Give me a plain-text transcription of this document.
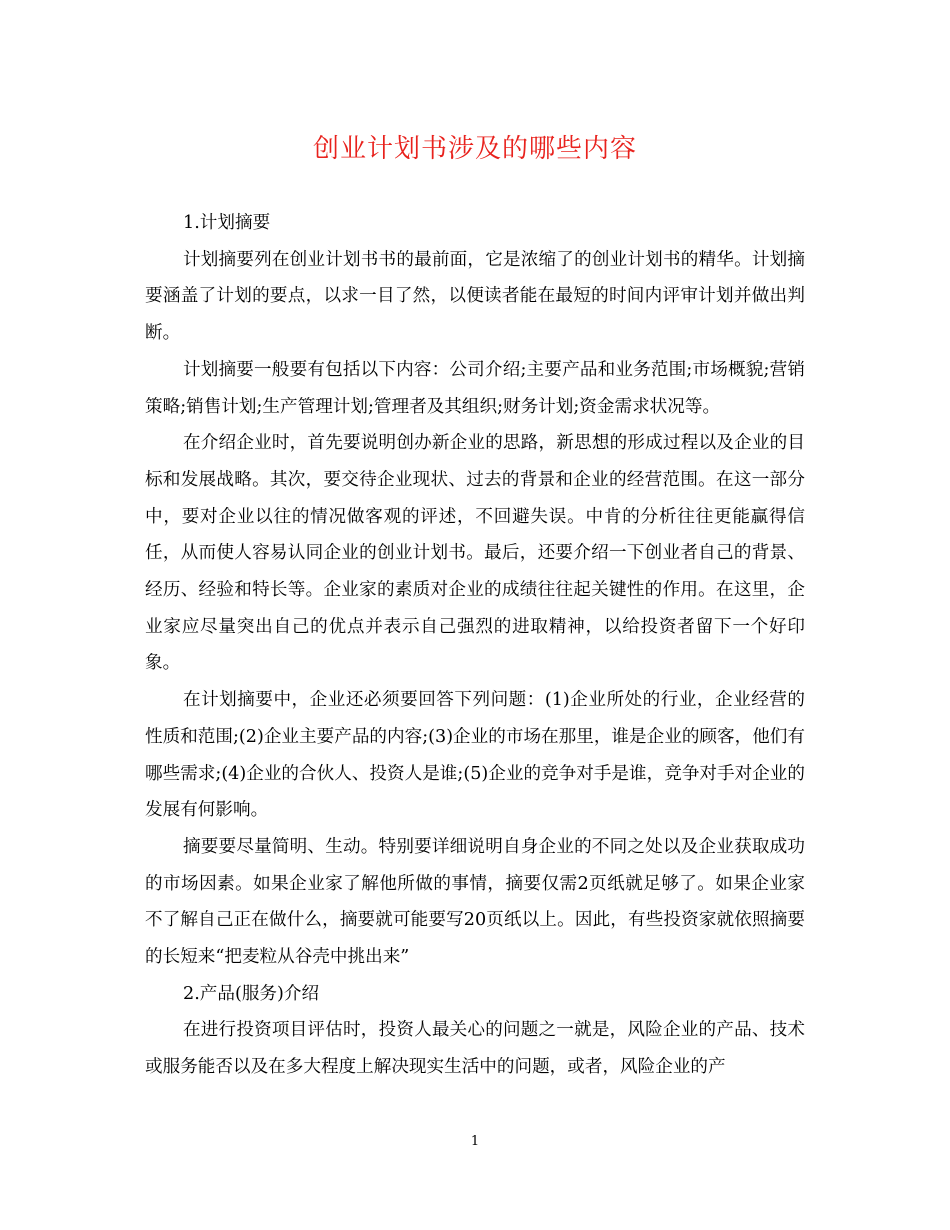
创业计划书涉及的哪些内容

1.计划摘要

计划摘要列在创业计划书书的最前面，它是浓缩了的创业计划书的精华。计划摘要涵盖了计划的要点，以求一目了然，以便读者能在最短的时间内评审计划并做出判断。

计划摘要一般要有包括以下内容：公司介绍;主要产品和业务范围;市场概貌;营销策略;销售计划;生产管理计划;管理者及其组织;财务计划;资金需求状况等。

在介绍企业时，首先要说明创办新企业的思路，新思想的形成过程以及企业的目标和发展战略。其次，要交待企业现状、过去的背景和企业的经营范围。在这一部分中，要对企业以往的情况做客观的评述，不回避失误。中肯的分析往往更能赢得信任，从而使人容易认同企业的创业计划书。最后，还要介绍一下创业者自己的背景、经历、经验和特长等。企业家的素质对企业的成绩往往起关键性的作用。在这里，企业家应尽量突出自己的优点并表示自己强烈的进取精神，以给投资者留下一个好印象。

在计划摘要中，企业还必须要回答下列问题：(1)企业所处的行业，企业经营的性质和范围;(2)企业主要产品的内容;(3)企业的市场在那里，谁是企业的顾客，他们有哪些需求;(4)企业的合伙人、投资人是谁;(5)企业的竞争对手是谁，竞争对手对企业的发展有何影响。

摘要要尽量简明、生动。特别要详细说明自身企业的不同之处以及企业获取成功的市场因素。如果企业家了解他所做的事情，摘要仅需2页纸就足够了。如果企业家不了解自己正在做什么，摘要就可能要写20页纸以上。因此，有些投资家就依照摘要的长短来“把麦粒从谷壳中挑出来”

2.产品(服务)介绍

在进行投资项目评估时，投资人最关心的问题之一就是，风险企业的产品、技术或服务能否以及在多大程度上解决现实生活中的问题，或者，风险企业的产

1
